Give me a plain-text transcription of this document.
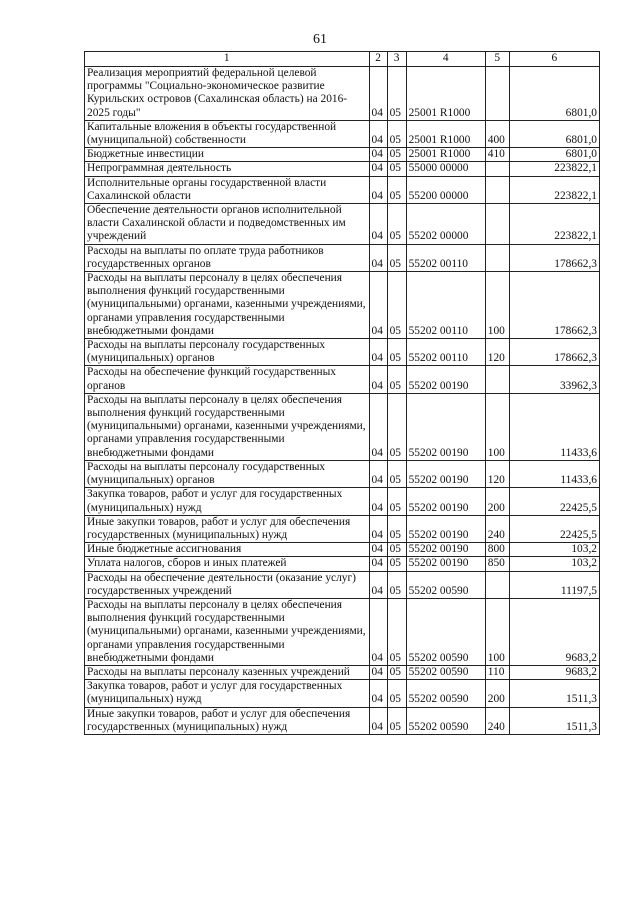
61
1	2	3	4	5	6
Реализация мероприятий федеральной целевой программы "Социально-экономическое развитие Курильских островов (Сахалинская область) на 2016-2025 годы"	04	05	25001 R1000		6801,0
Капитальные вложения в объекты государственной (муниципальной) собственности	04	05	25001 R1000	400	6801,0
Бюджетные инвестиции	04	05	25001 R1000	410	6801,0
Непрограммная деятельность	04	05	55000 00000		223822,1
Исполнительные органы государственной власти Сахалинской области	04	05	55200 00000		223822,1
Обеспечение деятельности органов исполнительной власти Сахалинской области и подведомственных им учреждений	04	05	55202 00000		223822,1
Расходы на выплаты по оплате труда работников государственных органов	04	05	55202 00110		178662,3
Расходы на выплаты персоналу в целях обеспечения выполнения функций государственными (муниципальными) органами, казенными учреждениями, органами управления государственными внебюджетными фондами	04	05	55202 00110	100	178662,3
Расходы на выплаты персоналу государственных (муниципальных) органов	04	05	55202 00110	120	178662,3
Расходы на обеспечение функций государственных органов	04	05	55202 00190		33962,3
Расходы на выплаты персоналу в целях обеспечения выполнения функций государственными (муниципальными) органами, казенными учреждениями, органами управления государственными внебюджетными фондами	04	05	55202 00190	100	11433,6
Расходы на выплаты персоналу государственных (муниципальных) органов	04	05	55202 00190	120	11433,6
Закупка товаров, работ и услуг для государственных (муниципальных) нужд	04	05	55202 00190	200	22425,5
Иные закупки товаров, работ и услуг для обеспечения государственных (муниципальных) нужд	04	05	55202 00190	240	22425,5
Иные бюджетные ассигнования	04	05	55202 00190	800	103,2
Уплата налогов, сборов и иных платежей	04	05	55202 00190	850	103,2
Расходы на обеспечение деятельности (оказание услуг) государственных учреждений	04	05	55202 00590		11197,5
Расходы на выплаты персоналу в целях обеспечения выполнения функций государственными (муниципальными) органами, казенными учреждениями, органами управления государственными внебюджетными фондами	04	05	55202 00590	100	9683,2
Расходы на выплаты персоналу казенных учреждений	04	05	55202 00590	110	9683,2
Закупка товаров, работ и услуг для государственных (муниципальных) нужд	04	05	55202 00590	200	1511,3
Иные закупки товаров, работ и услуг для обеспечения государственных (муниципальных) нужд	04	05	55202 00590	240	1511,3
